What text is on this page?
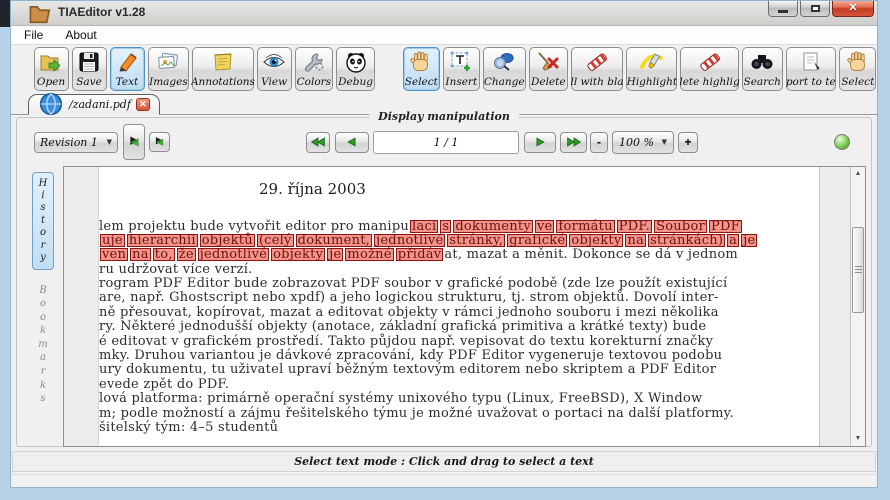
TIAEditor v1.28	✕
File About
Open Save Text Images Annotations View Colors Debug	Select Insert Change Delete ll with bla Highlight lete highlig Search port to te Select
/zadani.pdf ✕
Display manipulation
Revision 1 ▼	1 / 1	- 100 % ▼ +
H
i
s
t
o
r
y
B
o
o
k
m
a
r
k
s
29. října 2003
lem projektu bude vytvořit editor pro manipu laci s dokumenty ve formátu PDF. Soubor PDF
uje hierarchii objektů (celý dokument, jednotlivé stránky, grafické objekty na stránkách) a je
ven na to, že jednotlivé objekty je možné přidáv at, mazat a měnit. Dokonce se dá v jednom
ru udržovat více verzí.
rogram PDF Editor bude zobrazovat PDF soubor v grafické podobě (zde lze použít existující
are, např. Ghostscript nebo xpdf) a jeho logickou strukturu, tj. strom objektů. Dovolí inter-
ně přesouvat, kopírovat, mazat a editovat objekty v rámci jednoho souboru i mezi několika
ry. Některé jednodušší objekty (anotace, základní grafická primitiva a krátké texty) bude
é editovat v grafickém prostředí. Takto půjdou např. vepisovat do textu korekturní značky
mky. Druhou variantou je dávkové zpracování, kdy PDF Editor vygeneruje textovou podobu
ury dokumentu, tu uživatel upraví běžným textovým editorem nebo skriptem a PDF Editor
evede zpět do PDF.
lová platforma: primárně operační systémy unixového typu (Linux, FreeBSD), X Window
m; podle možností a zájmu řešitelského týmu je možné uvažovat o portaci na další platformy.
šitelský tým: 4–5 studentů
▲
▼
Select text mode : Click and drag to select a text
